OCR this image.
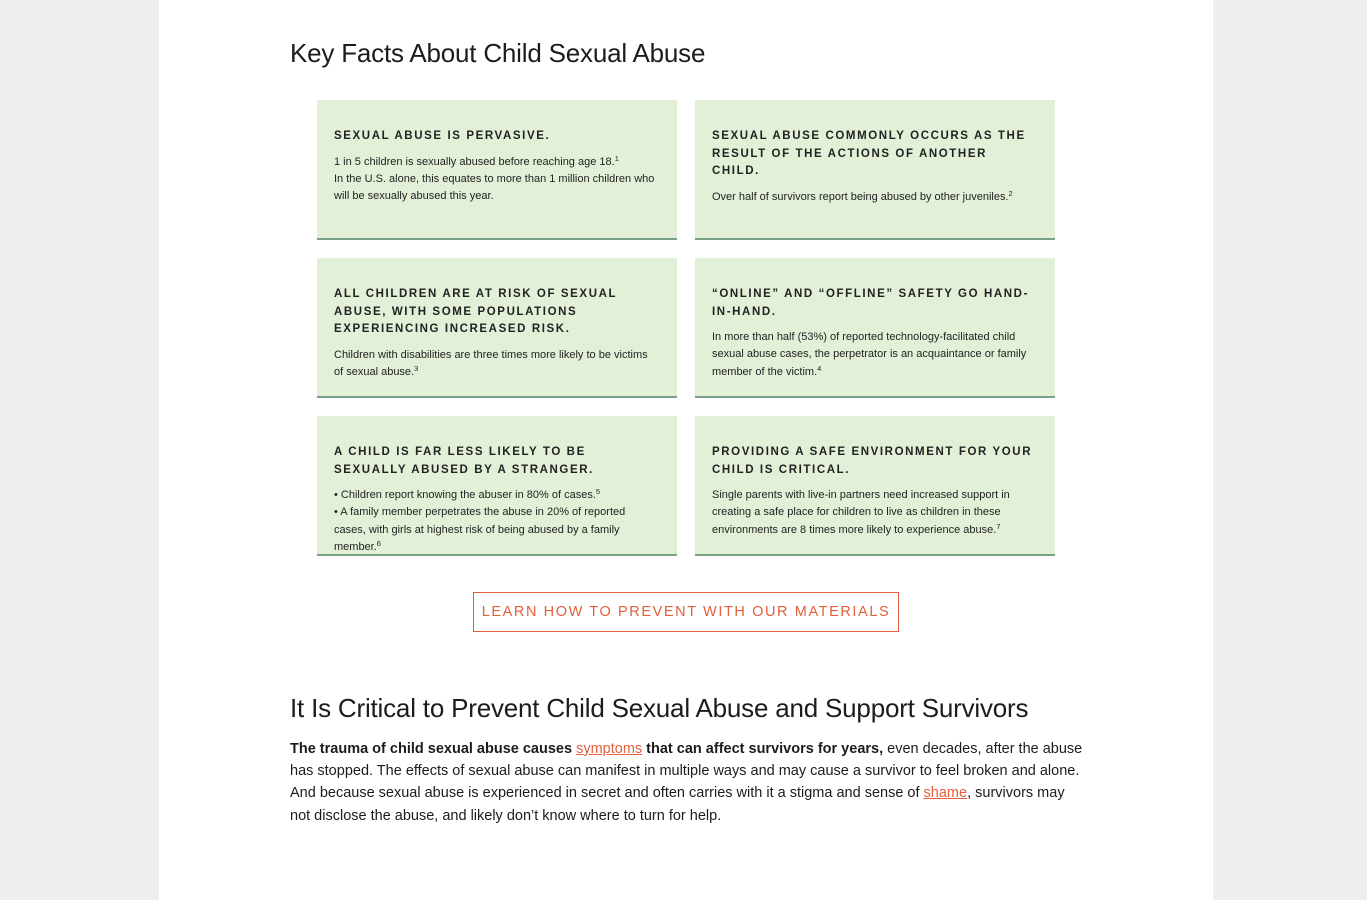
Key Facts About Child Sexual Abuse
SEXUAL ABUSE IS PERVASIVE.
1 in 5 children is sexually abused before reaching age 18.$^1$
In the U.S. alone, this equates to more than 1 million children who will be sexually abused this year.
SEXUAL ABUSE COMMONLY OCCURS AS THE RESULT OF THE ACTIONS OF ANOTHER CHILD.
Over half of survivors report being abused by other juveniles.$^2$
ALL CHILDREN ARE AT RISK OF SEXUAL ABUSE, WITH SOME POPULATIONS EXPERIENCING INCREASED RISK.
Children with disabilities are three times more likely to be victims of sexual abuse.$^3$
“ONLINE” AND “OFFLINE” SAFETY GO HAND-IN-HAND.
In more than half (53%) of reported technology-facilitated child sexual abuse cases, the perpetrator is an acquaintance or family member of the victim.$^4$
A CHILD IS FAR LESS LIKELY TO BE SEXUALLY ABUSED BY A STRANGER.
• Children report knowing the abuser in 80% of cases.$^5$
• A family member perpetrates the abuse in 20% of reported cases, with girls at highest risk of being abused by a family member.$^6$
PROVIDING A SAFE ENVIRONMENT FOR YOUR CHILD IS CRITICAL.
Single parents with live-in partners need increased support in creating a safe place for children to live as children in these environments are 8 times more likely to experience abuse.$^7$
LEARN HOW TO PREVENT WITH OUR MATERIALS
It Is Critical to Prevent Child Sexual Abuse and Support Survivors

The trauma of child sexual abuse causes symptoms that can affect survivors for years, even decades, after the abuse has stopped. The effects of sexual abuse can manifest in multiple ways and may cause a survivor to feel broken and alone. And because sexual abuse is experienced in secret and often carries with it a stigma and sense of shame, survivors may not disclose the abuse, and likely don’t know where to turn for help.
